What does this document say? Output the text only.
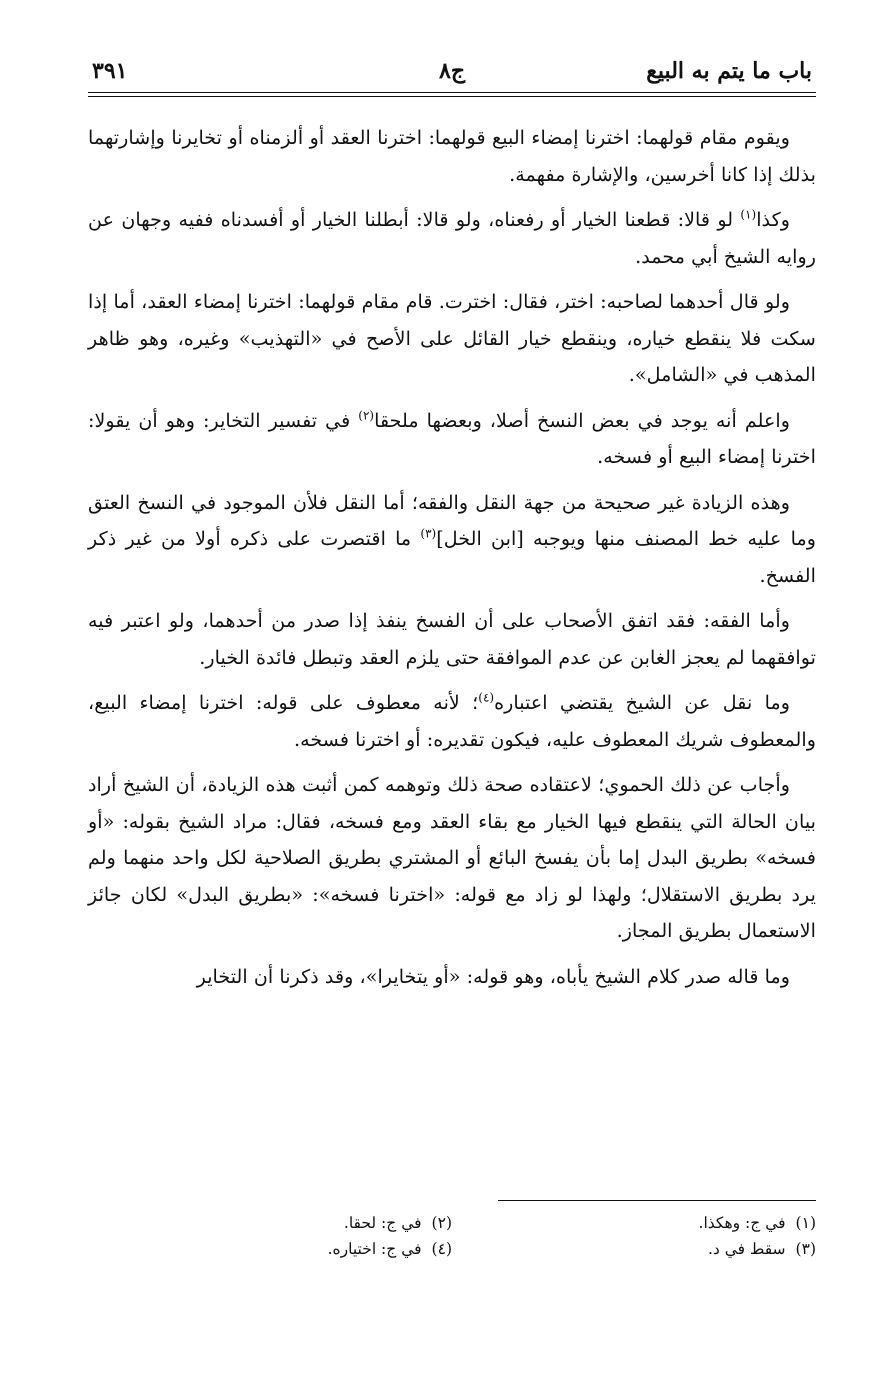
باب ما يتم به البيع
ج٨
٣٩١

ويقوم مقام قولهما: اخترنا إمضاء البيع قولهما: اخترنا العقد أو ألزمناه أو تخايرنا وإشارتهما بذلك إذا كانا أخرسين، والإشارة مفهمة.

وكذا$^{(١)}$ لو قالا: قطعنا الخيار أو رفعناه، ولو قالا: أبطلنا الخيار أو أفسدناه ففيه وجهان عن روايه الشيخ أبي محمد.

ولو قال أحدهما لصاحبه: اختر، فقال: اخترت. قام مقام قولهما: اخترنا إمضاء العقد، أما إذا سكت فلا ينقطع خياره، وينقطع خيار القائل على الأصح في «التهذيب» وغيره، وهو ظاهر المذهب في «الشامل».

واعلم أنه يوجد في بعض النسخ أصلا، وبعضها ملحقا$^{(٢)}$ في تفسير التخاير: وهو أن يقولا: اخترنا إمضاء البيع أو فسخه.

وهذه الزيادة غير صحيحة من جهة النقل والفقه؛ أما النقل فلأن الموجود في النسخ العتق وما عليه خط المصنف منها ويوجبه [ابن الخل]$^{(٣)}$ ما اقتصرت على ذكره أولا من غير ذكر الفسخ.

وأما الفقه: فقد اتفق الأصحاب على أن الفسخ ينفذ إذا صدر من أحدهما، ولو اعتبر فيه توافقهما لم يعجز الغابن عن عدم الموافقة حتى يلزم العقد وتبطل فائدة الخيار.

وما نقل عن الشيخ يقتضي اعتباره$^{(٤)}$؛ لأنه معطوف على قوله: اخترنا إمضاء البيع، والمعطوف شريك المعطوف عليه، فيكون تقديره: أو اخترنا فسخه.

وأجاب عن ذلك الحموي؛ لاعتقاده صحة ذلك وتوهمه كمن أثبت هذه الزيادة، أن الشيخ أراد بيان الحالة التي ينقطع فيها الخيار مع بقاء العقد ومع فسخه، فقال: مراد الشيخ بقوله: «أو فسخه» بطريق البدل إما بأن يفسخ البائع أو المشتري بطريق الصلاحية لكل واحد منهما ولم يرد بطريق الاستقلال؛ ولهذا لو زاد مع قوله: «اخترنا فسخه»: «بطريق البدل» لكان جائز الاستعمال بطريق المجاز.

وما قاله صدر كلام الشيخ يأباه، وهو قوله: «أو يتخايرا»، وقد ذكرنا أن التخاير

(١)في ج: وهكذا.
(٢)في ج: لحقا.
(٣)سقط في د.
(٤)في ج: اختياره.
